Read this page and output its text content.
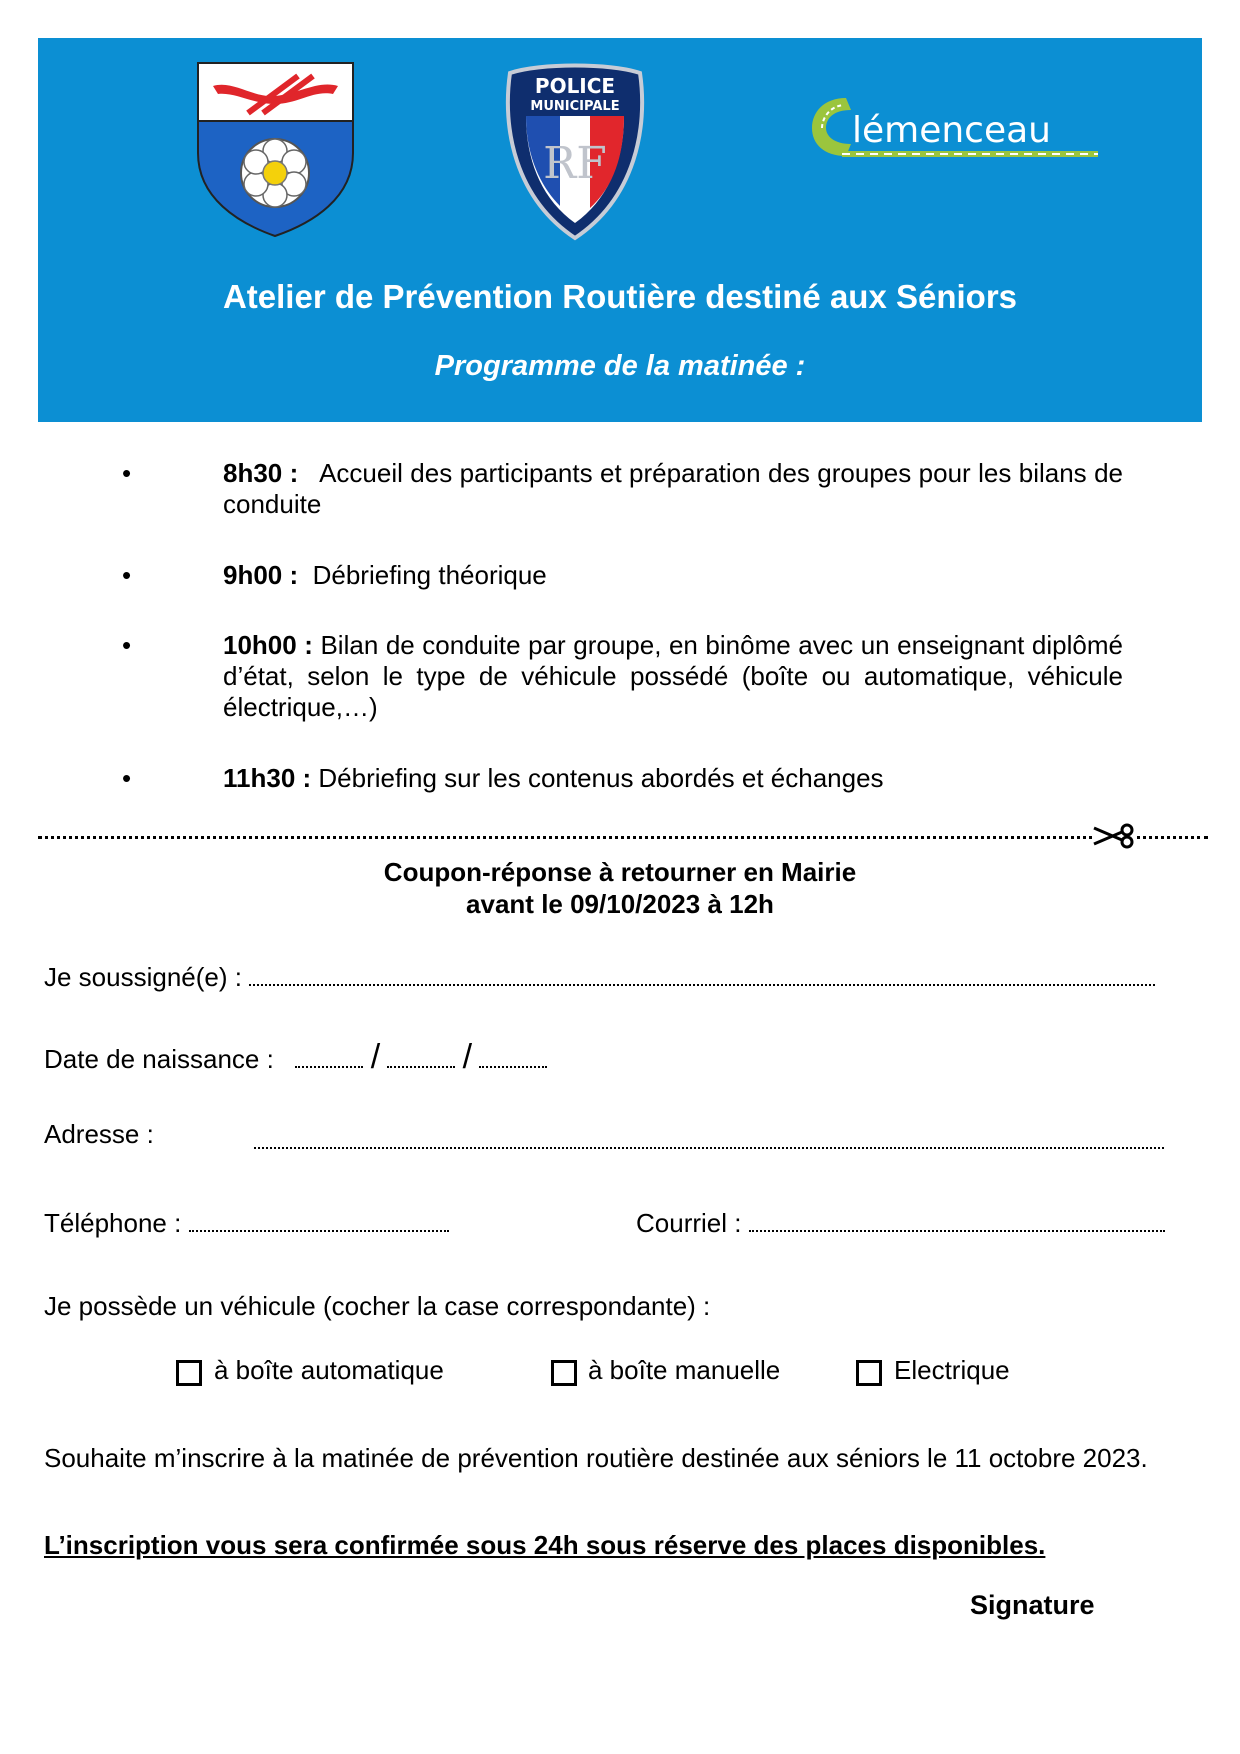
POLICE
MUNICIPALE
RF
lémenceau
Atelier de Prévention Routière destiné aux Séniors
Programme de la matinée :
•	8h30 : Accueil des participants et préparation des groupes pour les bilans de conduite
•	9h00 : Débriefing théorique
•	10h00 : Bilan de conduite par groupe, en binôme avec un enseignant diplômé d’état, selon le type de véhicule possédé (boîte ou automatique, véhicule électrique,…)
•	11h30 : Débriefing sur les contenus abordés et échanges
Coupon-réponse à retourner en Mairie
avant le 09/10/2023 à 12h
Je soussigné(e) :
Date de naissance :	/ /
Adresse :
Téléphone :	Courriel :
Je possède un véhicule (cocher la case correspondante) :
à boîte automatique	à boîte manuelle	Electrique
Souhaite m’inscrire à la matinée de prévention routière destinée aux séniors le 11 octobre 2023.
L’inscription vous sera confirmée sous 24h sous réserve des places disponibles.
Signature
